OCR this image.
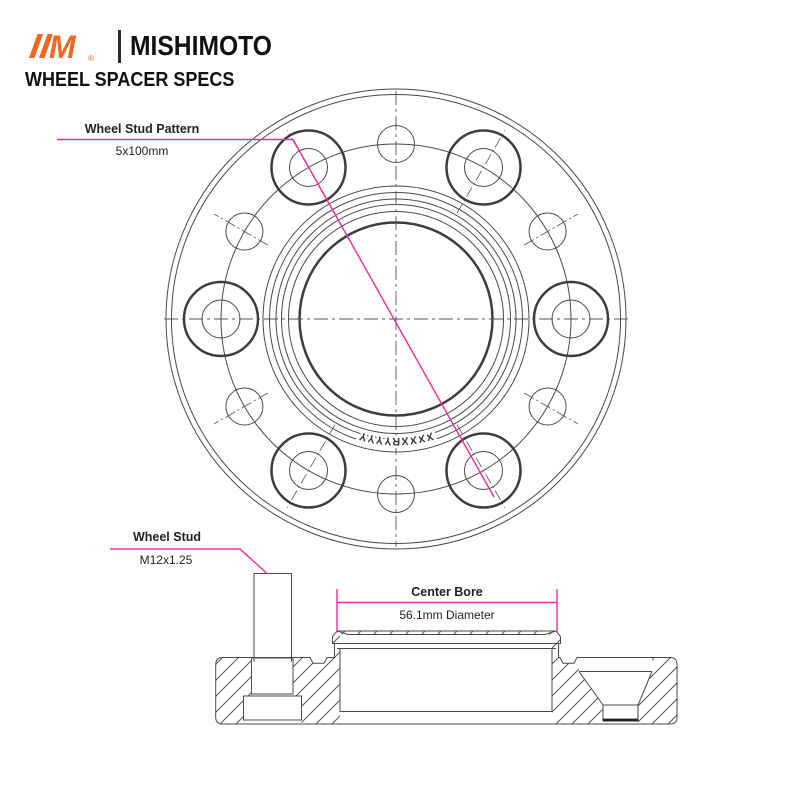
M ® MISHIMOTO
WHEEL SPACER SPECS
XXXXRYYYY
Wheel Stud Pattern
5x100mm
Wheel Stud
M12x1.25
Center Bore
56.1mm Diameter
